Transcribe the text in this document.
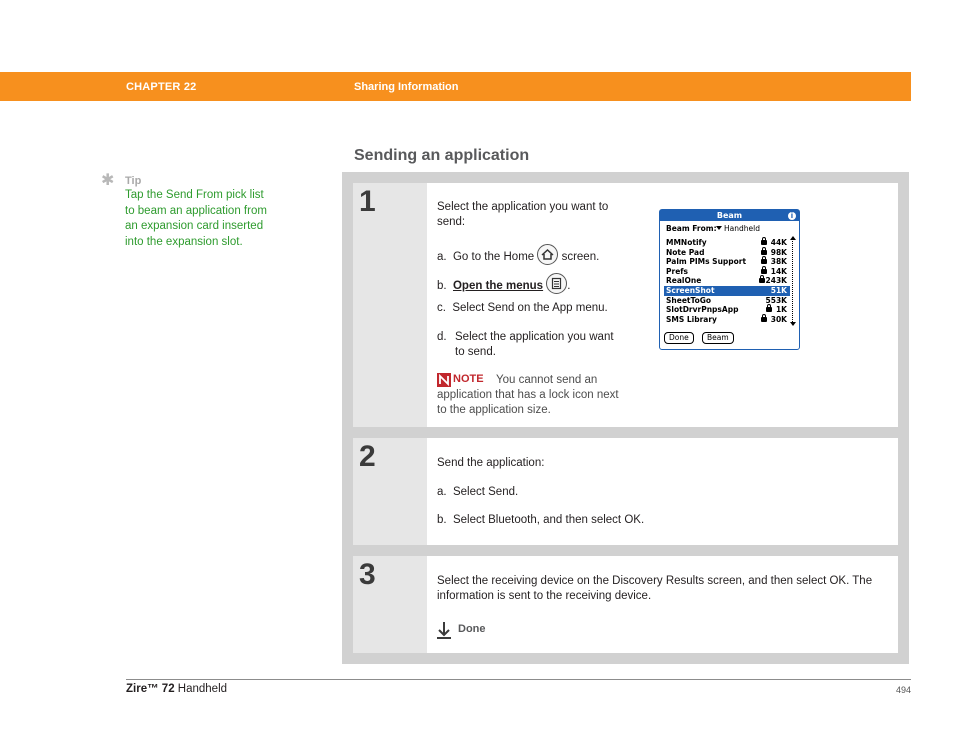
CHAPTER 22	Sharing Information
✱ Tip
Tap the Send From pick list to beam an application from an expansion card inserted into the expansion slot.
Sending an application
1	Select the application you want to send:
a. Go to the Home screen.
b. Open the menus .
c. Select Send on the App menu.
d. Select the application you want to send.
NOTE	You cannot send an application that has a lock icon next to the application size.
Beam	i
Beam From: Handheld
MMNotify	44K
Note Pad	98K
Palm PIMs Support	38K
Prefs	14K
RealOne	243K
ScreenShot	51K
SheetToGo	553K
SlotDrvrPnpsApp	1K
SMS Library	30K
Done	Beam
2	Send the application:
a. Select Send.
b. Select Bluetooth, and then select OK.
3	Select the receiving device on the Discovery Results screen, and then select OK. The information is sent to the receiving device.
Done
Zire™ 72 Handheld	494
